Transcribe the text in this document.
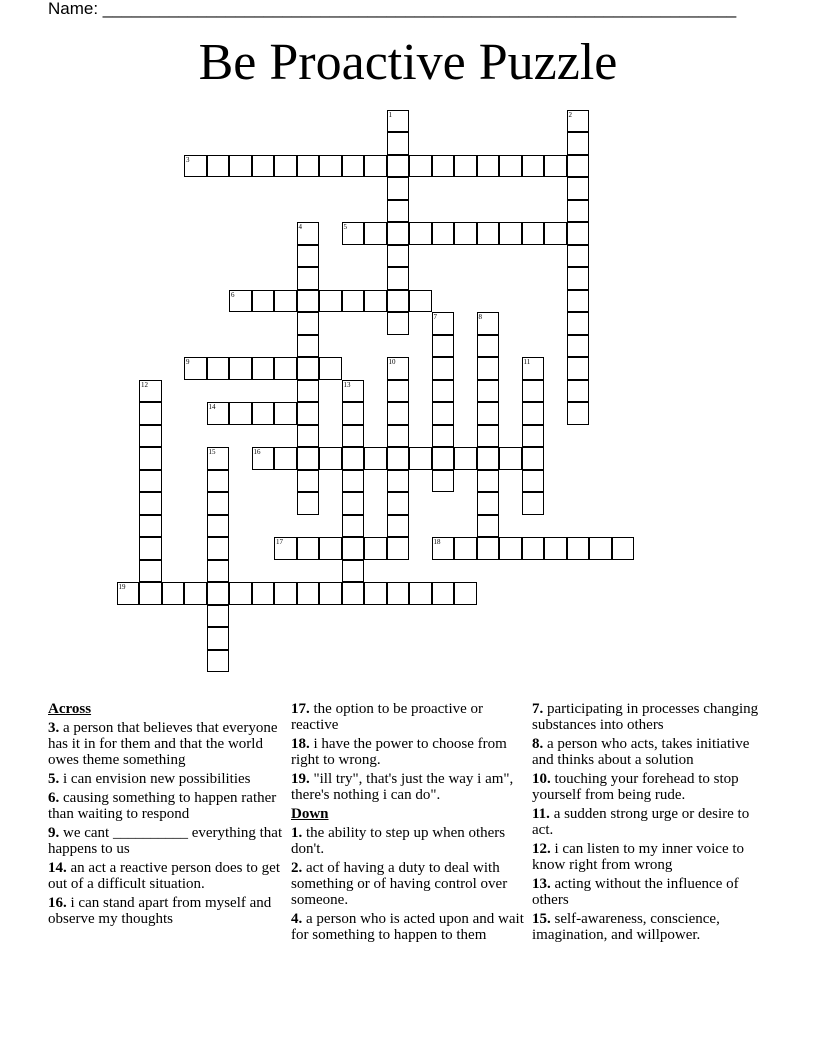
Name: ___________________________________________________________________
Be Proactive Puzzle
1	2
3
4	5
6
7	8
9	10	11
12	13
14
15	16
17	18
19
Across
3. a person that believes that everyone has it in for them and that the world owes theme something
5. i can envision new possibilities
6. causing something to happen rather than waiting to respond
9. we cant __________ everything that happens to us
14. an act a reactive person does to get out of a difficult situation.
16. i can stand apart from myself and observe my thoughts
17. the option to be proactive or reactive
18. i have the power to choose from right to wrong.
19. "ill try", that's just the way i am", there's nothing i can do".
Down
1. the ability to step up when others don't.
2. act of having a duty to deal with something or of having control over someone.
4. a person who is acted upon and wait for something to happen to them
7. participating in processes changing substances into others
8. a person who acts, takes initiative and thinks about a solution
10. touching your forehead to stop yourself from being rude.
11. a sudden strong urge or desire to act.
12. i can listen to my inner voice to know right from wrong
13. acting without the influence of others
15. self-awareness, conscience, imagination, and willpower.
